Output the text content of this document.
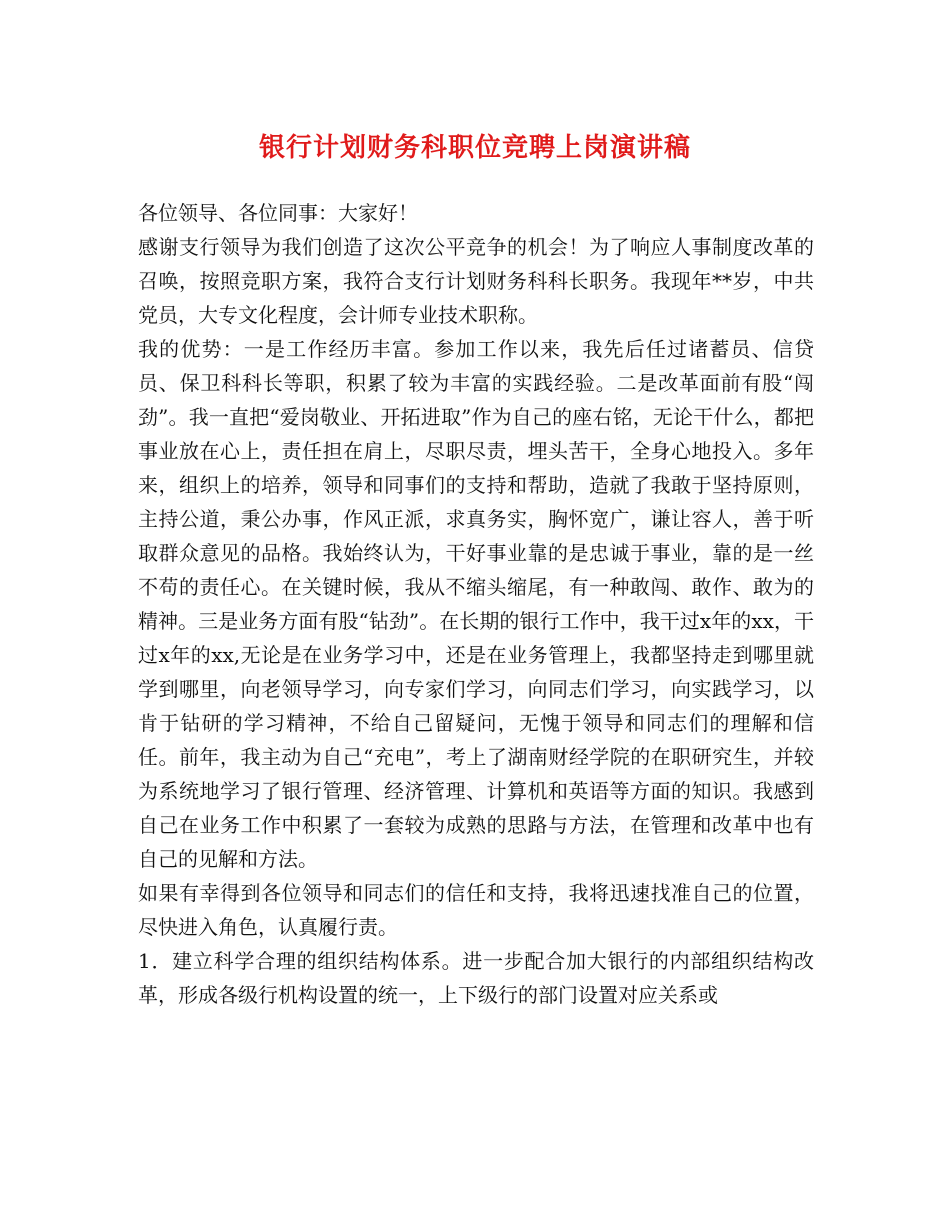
银行计划财务科职位竞聘上岗演讲稿

各位领导、各位同事：大家好！

感谢支行领导为我们创造了这次公平竞争的机会！为了响应人事制度改革的召唤，按照竞职方案，我符合支行计划财务科科长职务。我现年**岁，中共党员，大专文化程度，会计师专业技术职称。

我的优势：一是工作经历丰富。参加工作以来，我先后任过诸蓄员、信贷员、保卫科科长等职，积累了较为丰富的实践经验。二是改革面前有股“闯劲”。我一直把“爱岗敬业、开拓进取”作为自己的座右铭，无论干什么，都把事业放在心上，责任担在肩上，尽职尽责，埋头苦干，全身心地投入。多年来，组织上的培养，领导和同事们的支持和帮助，造就了我敢于坚持原则，主持公道，秉公办事，作风正派，求真务实，胸怀宽广，谦让容人，善于听取群众意见的品格。我始终认为，干好事业靠的是忠诚于事业，靠的是一丝不苟的责任心。在关键时候，我从不缩头缩尾，有一种敢闯、敢作、敢为的精神。三是业务方面有股“钻劲”。在长期的银行工作中，我干过x年的xx，干过x年的xx,无论是在业务学习中，还是在业务管理上，我都坚持走到哪里就学到哪里，向老领导学习，向专家们学习，向同志们学习，向实践学习，以肯于钻研的学习精神，不给自己留疑问，无愧于领导和同志们的理解和信任。前年，我主动为自己“充电”，考上了湖南财经学院的在职研究生，并较为系统地学习了银行管理、经济管理、计算机和英语等方面的知识。我感到自己在业务工作中积累了一套较为成熟的思路与方法，在管理和改革中也有自己的见解和方法。

如果有幸得到各位领导和同志们的信任和支持，我将迅速找准自己的位置，尽快进入角色，认真履行责。

1．建立科学合理的组织结构体系。进一步配合加大银行的内部组织结构改革，形成各级行机构设置的统一，上下级行的部门设置对应关系或
